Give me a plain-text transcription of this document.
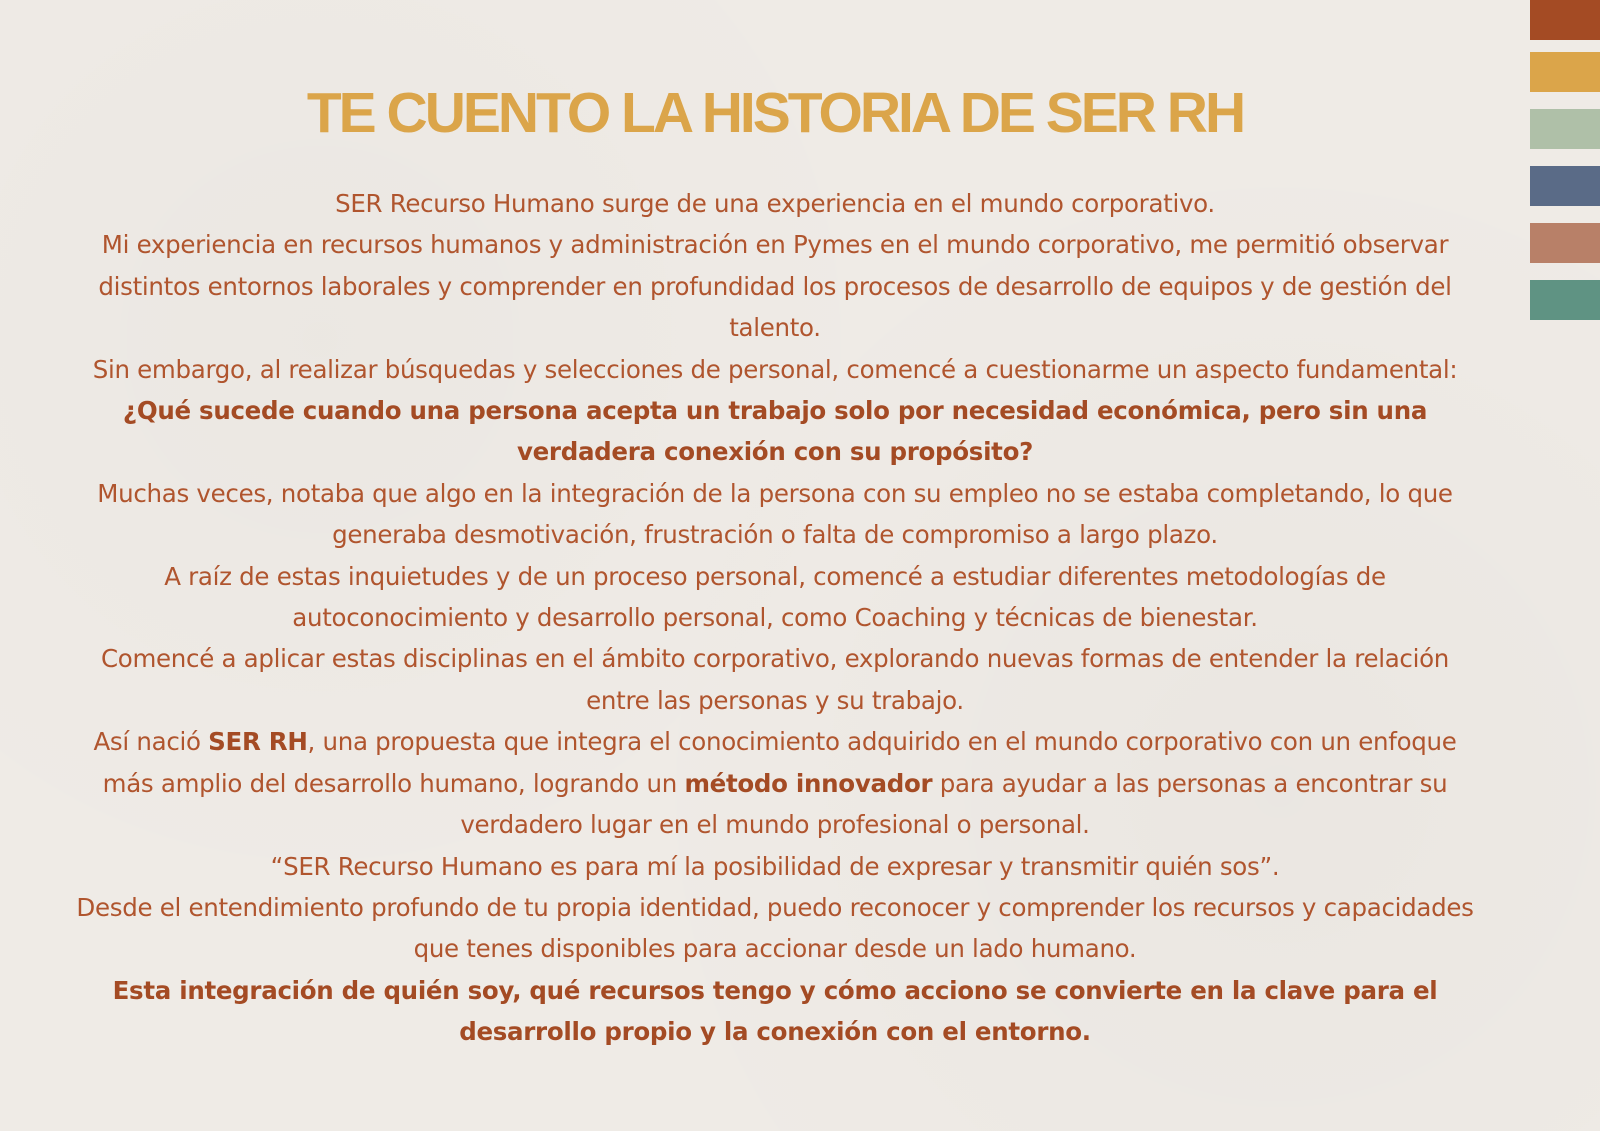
TE CUENTO LA HISTORIA DE SER RH

SER Recurso Humano surge de una experiencia en el mundo corporativo.

Mi experiencia en recursos humanos y administración en Pymes en el mundo corporativo, me permitió observar distintos entornos laborales y comprender en profundidad los procesos de desarrollo de equipos y de gestión del talento.

Sin embargo, al realizar búsquedas y selecciones de personal, comencé a cuestionarme un aspecto fundamental:

¿Qué sucede cuando una persona acepta un trabajo solo por necesidad económica, pero sin una verdadera conexión con su propósito?

Muchas veces, notaba que algo en la integración de la persona con su empleo no se estaba completando, lo que generaba desmotivación, frustración o falta de compromiso a largo plazo.

A raíz de estas inquietudes y de un proceso personal, comencé a estudiar diferentes metodologías de autoconocimiento y desarrollo personal, como Coaching y técnicas de bienestar.

Comencé a aplicar estas disciplinas en el ámbito corporativo, explorando nuevas formas de entender la relación entre las personas y su trabajo.

Así nació SER RH, una propuesta que integra el conocimiento adquirido en el mundo corporativo con un enfoque más amplio del desarrollo humano, logrando un método innovador para ayudar a las personas a encontrar su verdadero lugar en el mundo profesional o personal.

“SER Recurso Humano es para mí la posibilidad de expresar y transmitir quién sos”.

Desde el entendimiento profundo de tu propia identidad, puedo reconocer y comprender los recursos y capacidades que tenes disponibles para accionar desde un lado humano.

Esta integración de quién soy, qué recursos tengo y cómo acciono se convierte en la clave para el desarrollo propio y la conexión con el entorno.
